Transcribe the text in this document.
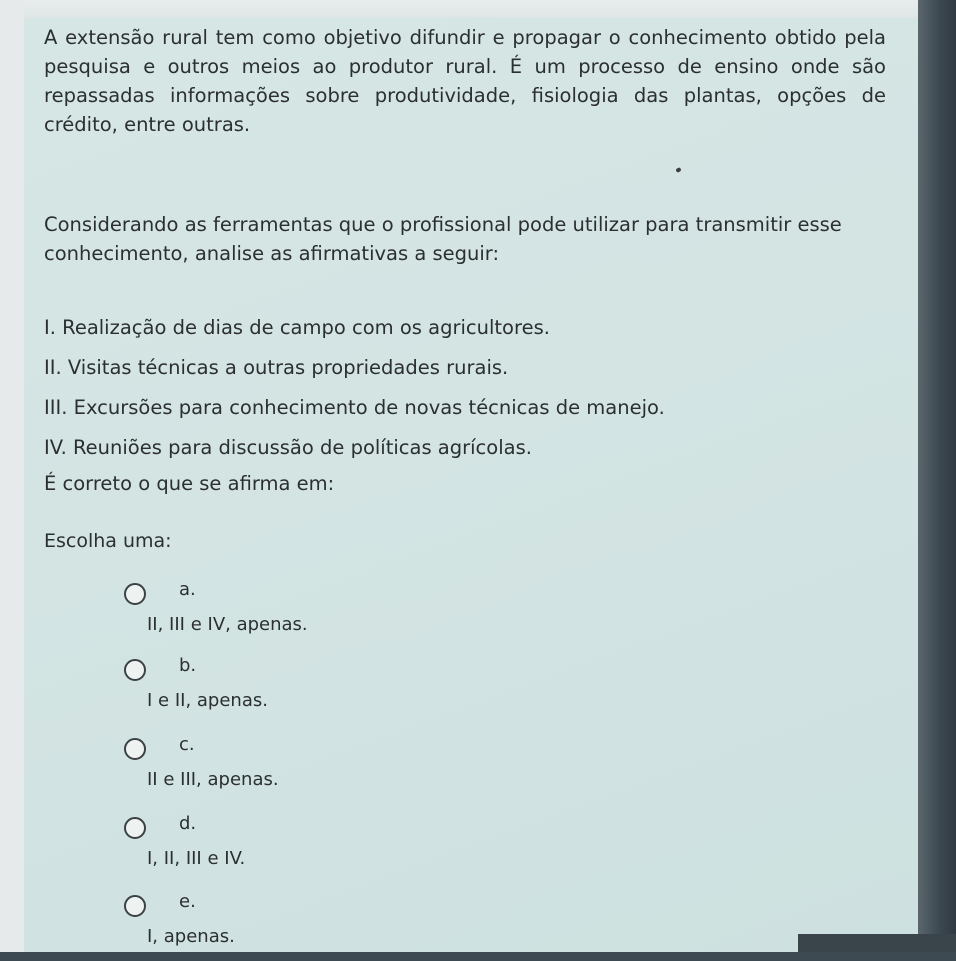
A extensão rural tem como objetivo difundir e propagar o conhecimento obtido pela pesquisa e outros meios ao produtor rural. É um processo de ensino onde são repassadas informações sobre produtividade, fisiologia das plantas, opções de crédito, entre outras.

Considerando as ferramentas que o profissional pode utilizar para transmitir esse conhecimento, analise as afirmativas a seguir:

I. Realização de dias de campo com os agricultores.

II. Visitas técnicas a outras propriedades rurais.

III. Excursões para conhecimento de novas técnicas de manejo.

IV. Reuniões para discussão de políticas agrícolas.

É correto o que se afirma em:

Escolha uma:

a.
II, III e IV, apenas.
b.
I e II, apenas.
c.
II e III, apenas.
d.
I, II, III e IV.
e.
I, apenas.
